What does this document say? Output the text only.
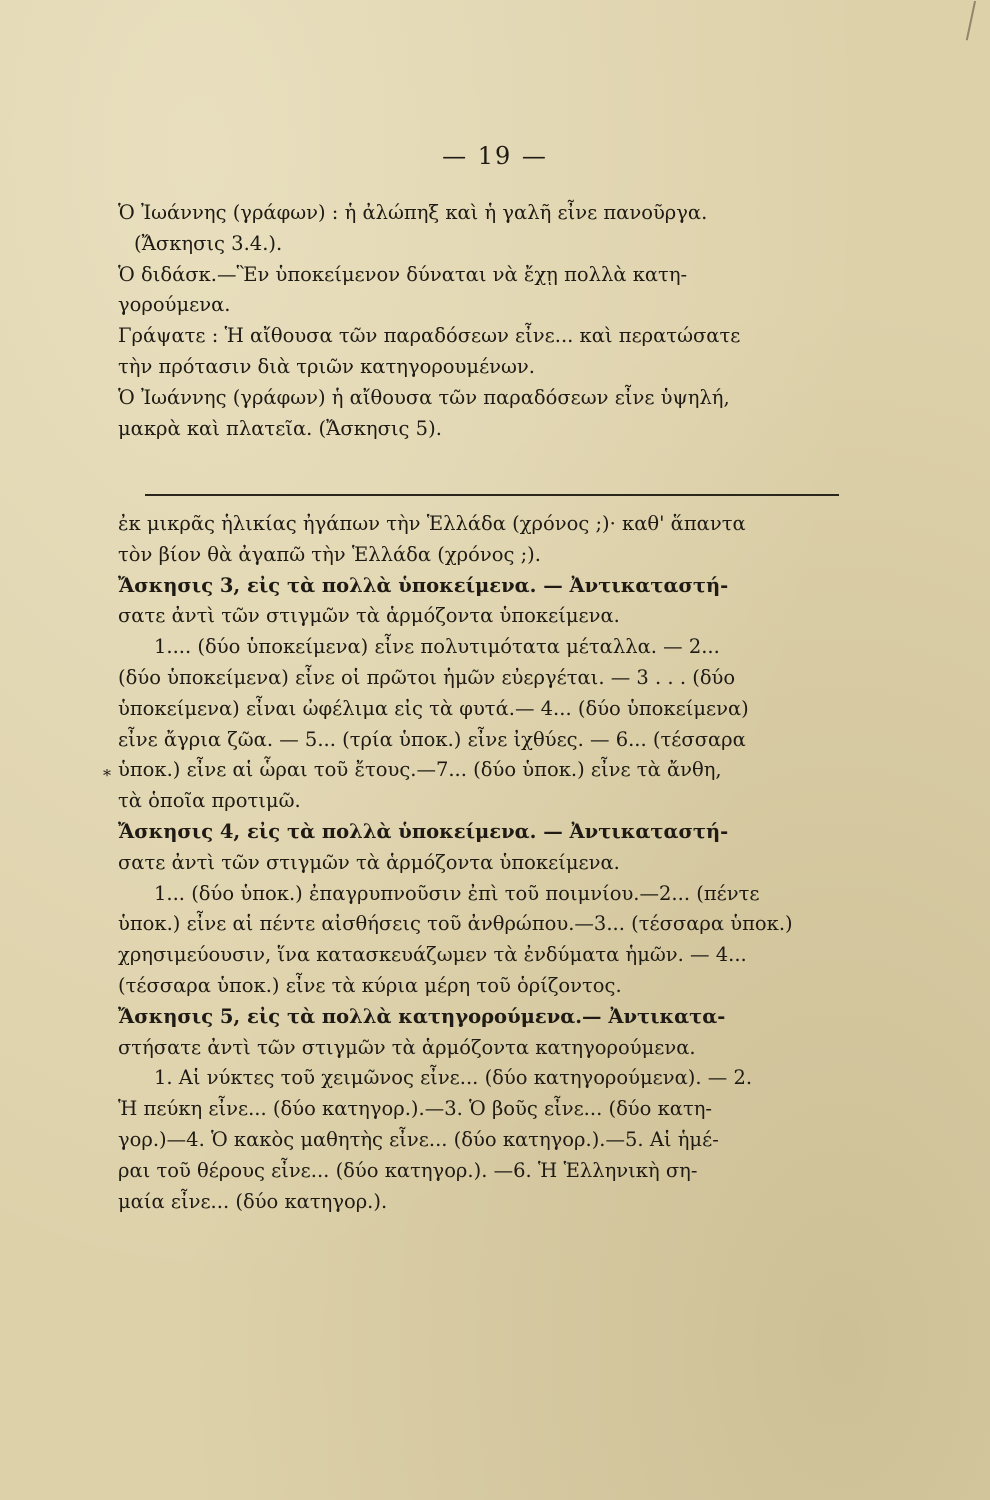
— 19 —
Ὁ Ἰωάννης (γράφων) : ἡ ἀλώπηξ καὶ ἡ γαλῆ εἶνε πανοῦργα.
(Ἄσκησις 3.4.).
Ὁ διδάσκ.—Ἓν ὑποκείμενον δύναται νὰ ἔχῃ πολλὰ κατη-
γορούμενα.
Γράψατε : Ἡ αἴθουσα τῶν παραδόσεων εἶνε... καὶ περατώσατε
τὴν πρότασιν διὰ τριῶν κατηγορουμένων.
Ὁ Ἰωάννης (γράφων) ἡ αἴθουσα τῶν παραδόσεων εἶνε ὑψηλή,
μακρὰ καὶ πλατεῖα. (Ἄσκησις 5).
ἐκ μικρᾶς ἡλικίας ἠγάπων τὴν Ἑλλάδα (χρόνος ;)· καθ' ἅπαντα
τὸν βίον θὰ ἀγαπῶ τὴν Ἑλλάδα (χρόνος ;).
Ἄσκησις 3, εἰς τὰ πολλὰ ὑποκείμενα. — Ἀντικαταστή-
σατε ἀντὶ τῶν στιγμῶν τὰ ἁρμόζοντα ὑποκείμενα.
1.... (δύο ὑποκείμενα) εἶνε πολυτιμότατα μέταλλα. — 2...
(δύο ὑποκείμενα) εἶνε οἱ πρῶτοι ἡμῶν εὐεργέται. — 3 . . . (δύο
ὑποκείμενα) εἶναι ὠφέλιμα εἰς τὰ φυτά.— 4... (δύο ὑποκείμενα)
εἶνε ἄγρια ζῶα. — 5... (τρία ὑποκ.) εἶνε ἰχθύες. — 6... (τέσσαρα
ὑποκ.) εἶνε αἱ ὧραι τοῦ ἔτους.—7... (δύο ὑποκ.) εἶνε τὰ ἄνθη,
τὰ ὁποῖα προτιμῶ.
Ἄσκησις 4, εἰς τὰ πολλὰ ὑποκείμενα. — Ἀντικαταστή-
σατε ἀντὶ τῶν στιγμῶν τὰ ἁρμόζοντα ὑποκείμενα.
1... (δύο ὑποκ.) ἐπαγρυπνοῦσιν ἐπὶ τοῦ ποιμνίου.—2... (πέντε
ὑποκ.) εἶνε αἱ πέντε αἰσθήσεις τοῦ ἀνθρώπου.—3... (τέσσαρα ὑποκ.)
χρησιμεύουσιν, ἵνα κατασκευάζωμεν τὰ ἐνδύματα ἡμῶν. — 4...
(τέσσαρα ὑποκ.) εἶνε τὰ κύρια μέρη τοῦ ὁρίζοντος.
Ἄσκησις 5, εἰς τὰ πολλὰ κατηγορούμενα.— Ἀντικατα-
στήσατε ἀντὶ τῶν στιγμῶν τὰ ἁρμόζοντα κατηγορούμενα.
1. Αἱ νύκτες τοῦ χειμῶνος εἶνε... (δύο κατηγορούμενα). — 2.
Ἡ πεύκη εἶνε... (δύο κατηγορ.).—3. Ὁ βοῦς εἶνε... (δύο κατη-
γορ.)—4. Ὁ κακὸς μαθητὴς εἶνε... (δύο κατηγορ.).—5. Αἱ ἡμέ-
ραι τοῦ θέρους εἶνε... (δύο κατηγορ.). —6. Ἡ Ἑλληνικὴ ση-
μαία εἶνε... (δύο κατηγορ.).
*
